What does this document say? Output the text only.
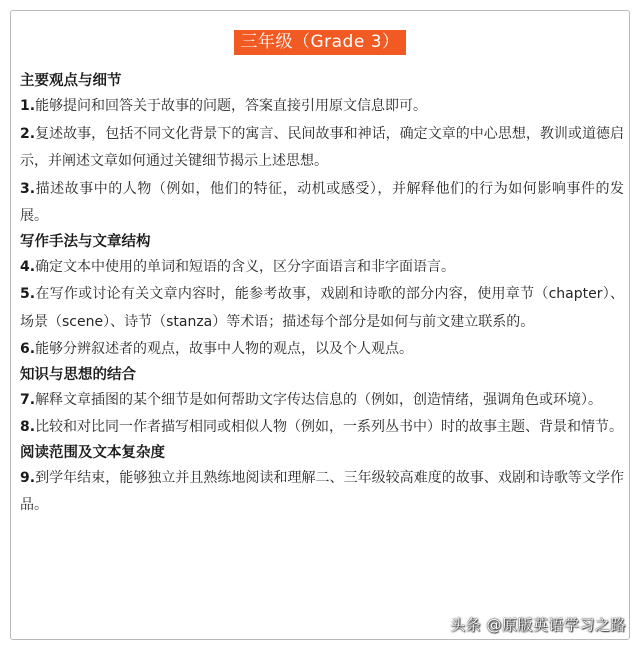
三年级（Grade 3）

主要观点与细节

1.能够提问和回答关于故事的问题，答案直接引用原文信息即可。

2.复述故事，包括不同文化背景下的寓言、民间故事和神话，确定文章的中心思想，教训或道德启示，并阐述文章如何通过关键细节揭示上述思想。

3.描述故事中的人物（例如，他们的特征，动机或感受），并解释他们的行为如何影响事件的发展。

写作手法与文章结构

4.确定文本中使用的单词和短语的含义，区分字面语言和非字面语言。

5.在写作或讨论有关文章内容时，能参考故事，戏剧和诗歌的部分内容，使用章节（chapter）、场景（scene）、诗节（stanza）等术语；描述每个部分是如何与前文建立联系的。

6.能够分辨叙述者的观点，故事中人物的观点，以及个人观点。

知识与思想的结合

7.解释文章插图的某个细节是如何帮助文字传达信息的（例如，创造情绪，强调角色或环境）。

8.比较和对比同一作者描写相同或相似人物（例如，一系列丛书中）时的故事主题、背景和情节。

阅读范围及文本复杂度

9.到学年结束，能够独立并且熟练地阅读和理解二、三年级较高难度的故事、戏剧和诗歌等文学作品。

头条 @原版英语学习之路
